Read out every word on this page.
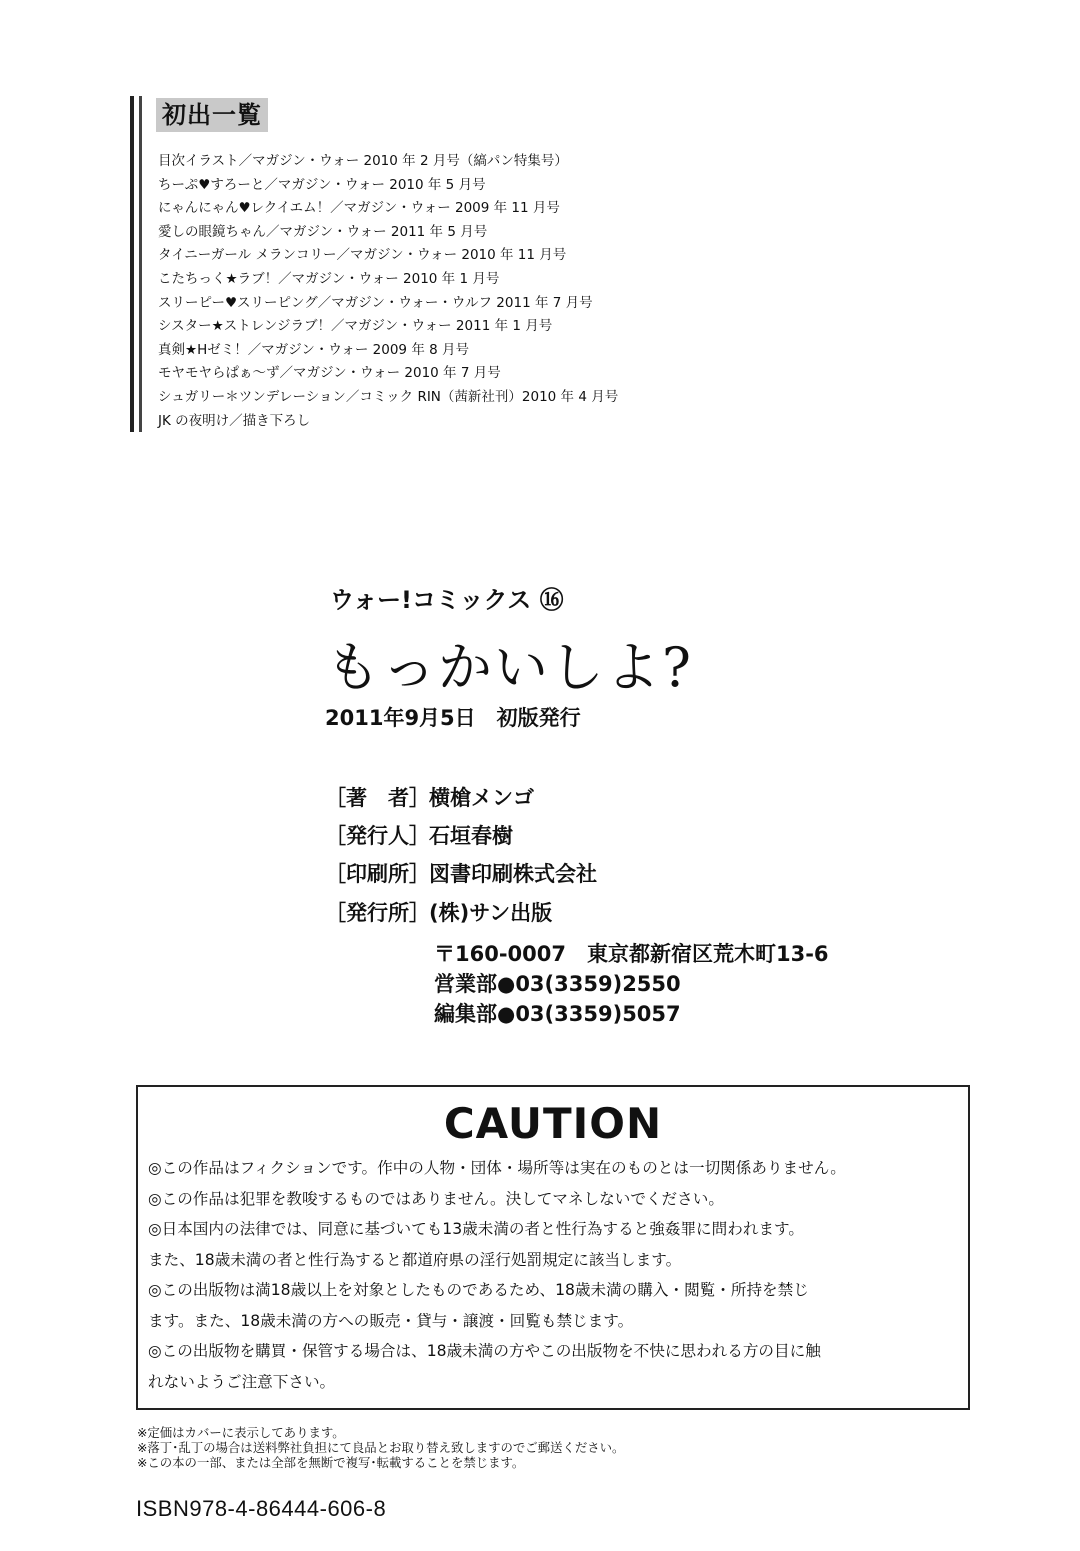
初出一覧
目次イラスト／マガジン・ウォー 2010 年 2 月号（縞パン特集号）
ちーぷ♥すろーと／マガジン・ウォー 2010 年 5 月号
にゃんにゃん♥レクイエム！／マガジン・ウォー 2009 年 11 月号
愛しの眼鏡ちゃん／マガジン・ウォー 2011 年 5 月号
タイニーガール メランコリー／マガジン・ウォー 2010 年 11 月号
こたちっく★ラブ！／マガジン・ウォー 2010 年 1 月号
スリーピー♥スリーピング／マガジン・ウォー・ウルフ 2011 年 7 月号
シスター★ストレンジラブ！／マガジン・ウォー 2011 年 1 月号
真剣★Hゼミ！／マガジン・ウォー 2009 年 8 月号
モヤモヤらぱぁ～ず／マガジン・ウォー 2010 年 7 月号
シュガリー＊ツンデレーション／コミック RIN（茜新社刊）2010 年 4 月号
JK の夜明け／描き下ろし
ウォー!コミックス ⑯
もっかいしよ?
2011年9月5日　初版発行
［著　者］横槍メンゴ
［発行人］石垣春樹
［印刷所］図書印刷株式会社
［発行所］(株)サン出版
〒160-0007　東京都新宿区荒木町13-6
営業部●03(3359)2550
編集部●03(3359)5057
CAUTION
◎この作品はフィクションです。作中の人物・団体・場所等は実在のものとは一切関係ありません。
◎この作品は犯罪を教唆するものではありません。決してマネしないでください。
◎日本国内の法律では、同意に基づいても13歳未満の者と性行為すると強姦罪に問われます。
また、18歳未満の者と性行為すると都道府県の淫行処罰規定に該当します。
◎この出版物は満18歳以上を対象としたものであるため、18歳未満の購入・閲覧・所持を禁じ
ます。また、18歳未満の方への販売・貸与・譲渡・回覧も禁じます。
◎この出版物を購買・保管する場合は、18歳未満の方やこの出版物を不快に思われる方の目に触
れないようご注意下さい。
※定価はカバーに表示してあります。
※落丁･乱丁の場合は送料弊社負担にて良品とお取り替え致しますのでご郵送ください。
※この本の一部、または全部を無断で複写･転載することを禁じます。
ISBN978-4-86444-606-8
